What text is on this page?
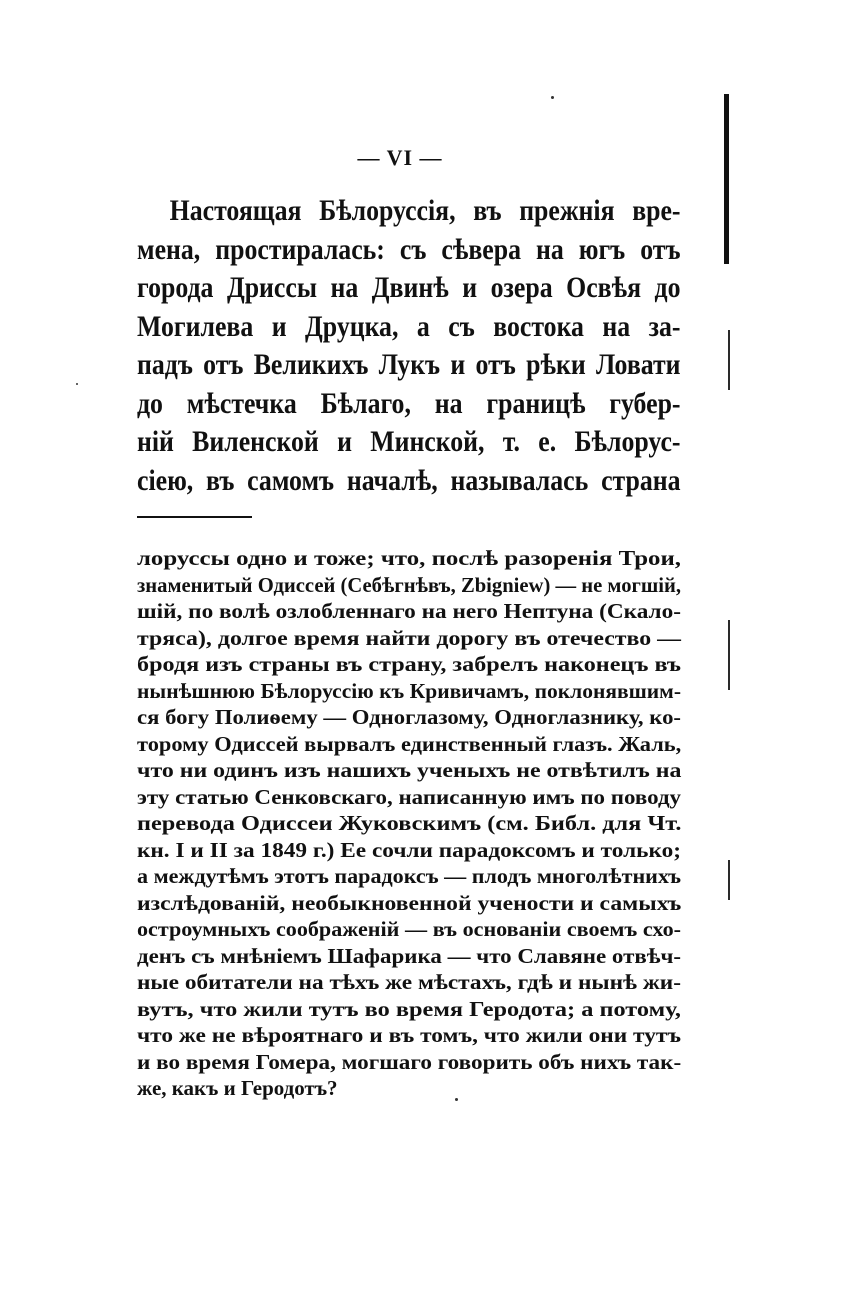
— VI —
Настоящая Бѣлоруссія, въ прежнія вре-
мена, простиралась: съ сѣвера на югъ отъ
города Дриссы на Двинѣ и озера Освѣя до
Могилева и Друцка, а съ востока на за-
падъ отъ Великихъ Лукъ и отъ рѣки Ловати
до мѣстечка Бѣлаго, на границѣ губер-
ній Виленской и Минской, т. е. Бѣлорус-
сіею, въ самомъ началѣ, называлась страна
лоруссы одно и тоже; что, послѣ разоренія Трои,
знаменитый Одиссей (Себѣгнѣвъ, Zbigniew) — не могшій,
шій, по волѣ озлобленнаго на него Нептуна (Скало-
тряса), долгое время найти дорогу въ отечество —
бродя изъ страны въ страну, забрелъ наконецъ въ
нынѣшнюю Бѣлоруссію къ Кривичамъ, поклонявшим-
ся богу Полиѳему — Одноглазому, Одноглазнику, ко-
торому Одиссей вырвалъ единственный глазъ. Жаль,
что ни одинъ изъ нашихъ ученыхъ не отвѣтилъ на
эту статью Сенковскаго, написанную имъ по поводу
перевода Одиссеи Жуковскимъ (см. Библ. для Чт.
кн. I и II за 1849 г.) Ее сочли парадоксомъ и только;
а междутѣмъ этотъ парадоксъ — плодъ многолѣтнихъ
изслѣдованій, необыкновенной учености и самыхъ
остроумныхъ соображеній — въ основаніи своемъ схо-
денъ съ мнѣніемъ Шафарика — что Славяне отвѣч-
ные обитатели на тѣхъ же мѣстахъ, гдѣ и нынѣ жи-
вутъ, что жили тутъ во время Геродота; а потому,
что же не вѣроятнаго и въ томъ, что жили они тутъ
и во время Гомера, могшаго говорить объ нихъ так-
же, какъ и Геродотъ?
